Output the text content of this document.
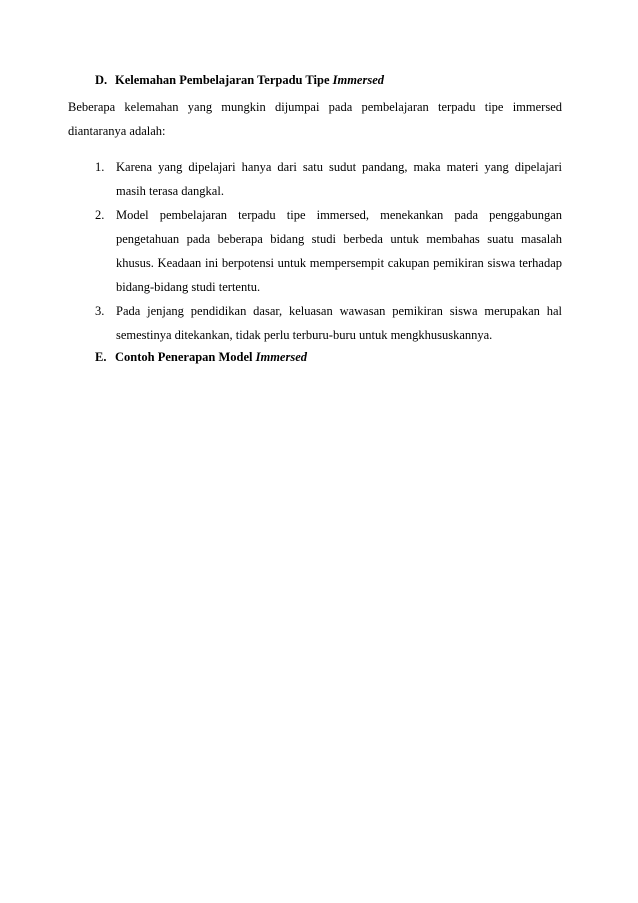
D. Kelemahan Pembelajaran Terpadu Tipe Immersed
Beberapa kelemahan yang mungkin dijumpai pada pembelajaran terpadu tipe immersed diantaranya adalah:
1. Karena yang dipelajari hanya dari satu sudut pandang, maka materi yang dipelajari masih terasa dangkal.
2. Model pembelajaran terpadu tipe immersed, menekankan pada penggabungan pengetahuan pada beberapa bidang studi berbeda untuk membahas suatu masalah khusus. Keadaan ini berpotensi untuk mempersempit cakupan pemikiran siswa terhadap bidang-bidang studi tertentu.
3. Pada jenjang pendidikan dasar, keluasan wawasan pemikiran siswa merupakan hal semestinya ditekankan, tidak perlu terburu-buru untuk mengkhususkannya.
E. Contoh Penerapan Model Immersed
